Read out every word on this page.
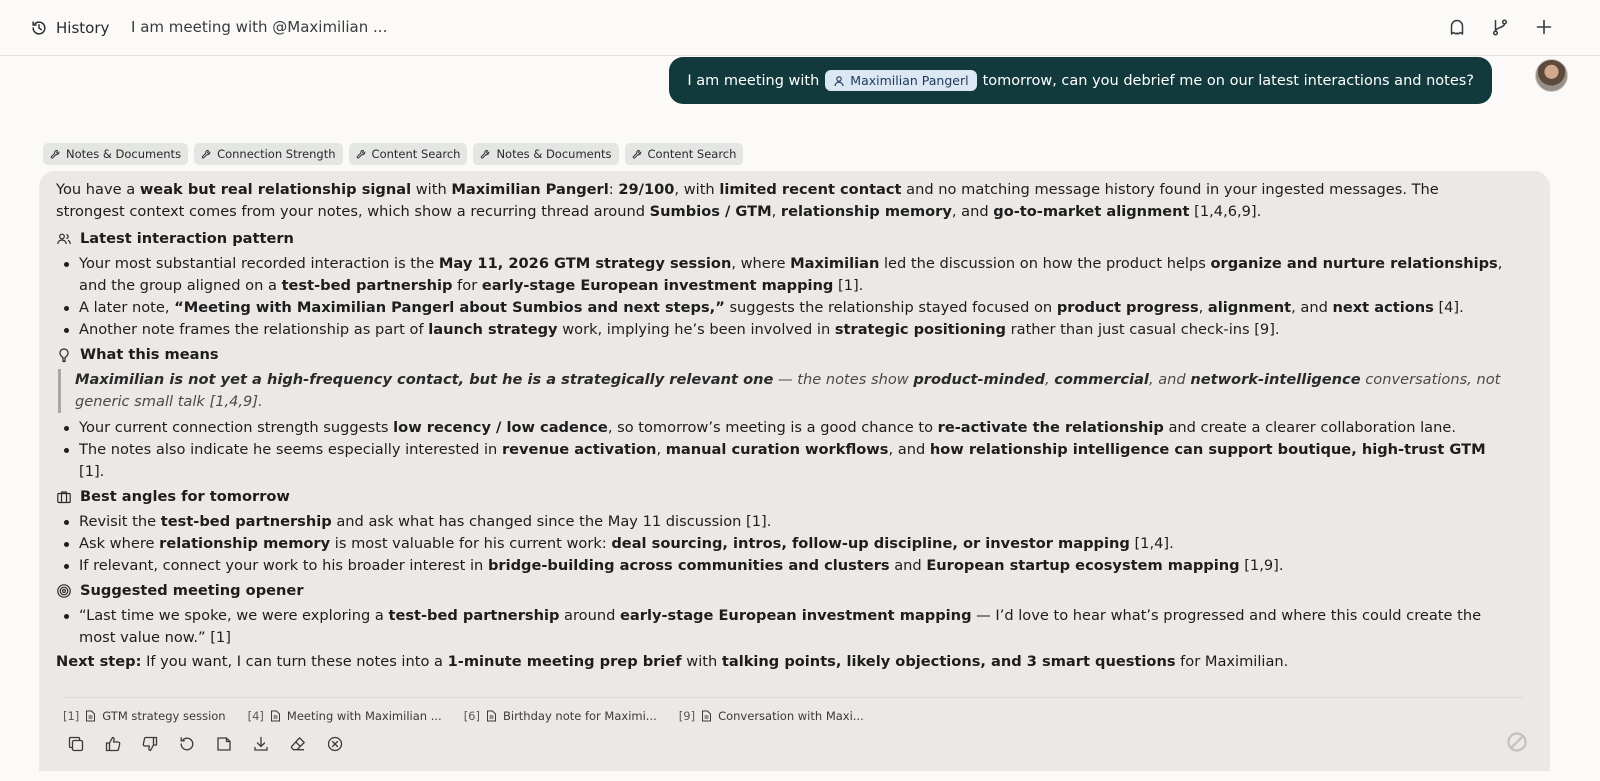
History I am meeting with @Maximilian ...
I am meeting with Maximilian Pangerl tomorrow, can you debrief me on our latest interactions and notes?
Notes & Documents	Connection Strength	Content Search	Notes & Documents	Content Search

You have a weak but real relationship signal with Maximilian Pangerl: 29/100, with limited recent contact and no matching message history found in your ingested messages. The strongest context comes from your notes, which show a recurring thread around Sumbios / GTM, relationship memory, and go-to-market alignment [1,4,6,9].

Latest interaction pattern
Your most substantial recorded interaction is the May 11, 2026 GTM strategy session, where Maximilian led the discussion on how the product helps organize and nurture relationships, and the group aligned on a test-bed partnership for early-stage European investment mapping [1].
A later note, “Meeting with Maximilian Pangerl about Sumbios and next steps,” suggests the relationship stayed focused on product progress, alignment, and next actions [4].
Another note frames the relationship as part of launch strategy work, implying he’s been involved in strategic positioning rather than just casual check-ins [9].
What this means
Maximilian is not yet a high-frequency contact, but he is a strategically relevant one — the notes show product-minded, commercial, and network-intelligence conversations, not generic small talk [1,4,9].
Your current connection strength suggests low recency / low cadence, so tomorrow’s meeting is a good chance to re-activate the relationship and create a clearer collaboration lane.
The notes also indicate he seems especially interested in revenue activation, manual curation workflows, and how relationship intelligence can support boutique, high-trust GTM [1].
Best angles for tomorrow
Revisit the test-bed partnership and ask what has changed since the May 11 discussion [1].
Ask where relationship memory is most valuable for his current work: deal sourcing, intros, follow-up discipline, or investor mapping [1,4].
If relevant, connect your work to his broader interest in bridge-building across communities and clusters and European startup ecosystem mapping [1,9].
Suggested meeting opener
“Last time we spoke, we were exploring a test-bed partnership around early-stage European investment mapping — I’d love to hear what’s progressed and where this could create the most value now.” [1]

Next step: If you want, I can turn these notes into a 1-minute meeting prep brief with talking points, likely objections, and 3 smart questions for Maximilian.

[1] GTM strategy session [4] Meeting with Maximilian ... [6] Birthday note for Maximi... [9] Conversation with Maxi...
